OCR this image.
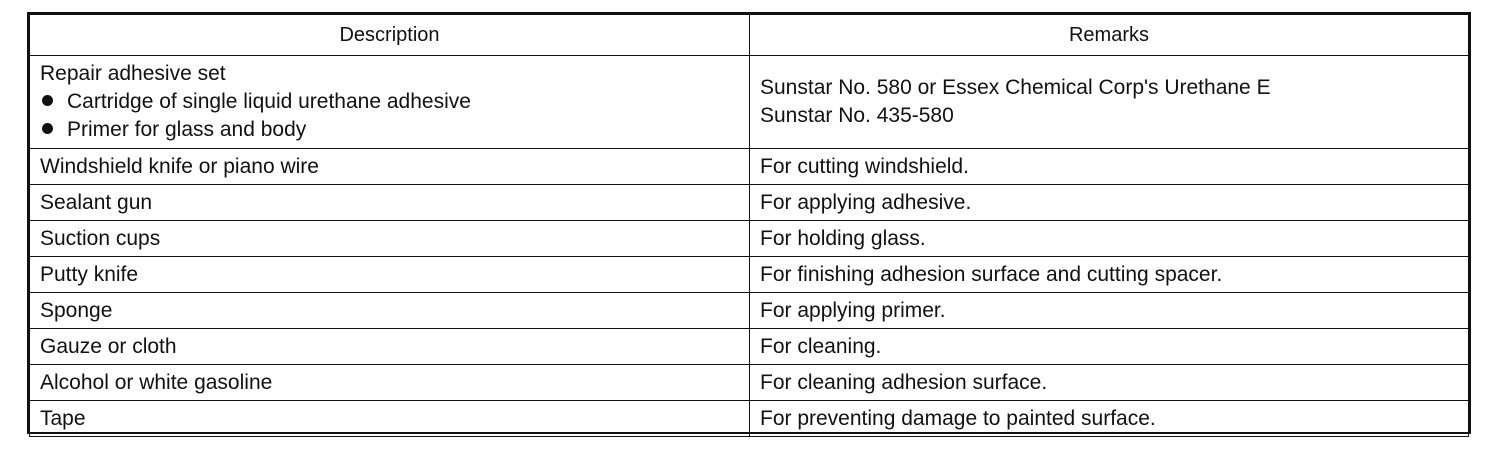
Description	Remarks

Repair adhesive set
Cartridge of single liquid urethane adhesive
Primer for glass and body	Sunstar No. 580 or Essex Chemical Corp's Urethane E
Sunstar No. 435-580

Windshield knife or piano wire	For cutting windshield.
Sealant gun	For applying adhesive.
Suction cups	For holding glass.
Putty knife	For finishing adhesion surface and cutting spacer.
Sponge	For applying primer.
Gauze or cloth	For cleaning.
Alcohol or white gasoline	For cleaning adhesion surface.
Tape	For preventing damage to painted surface.
